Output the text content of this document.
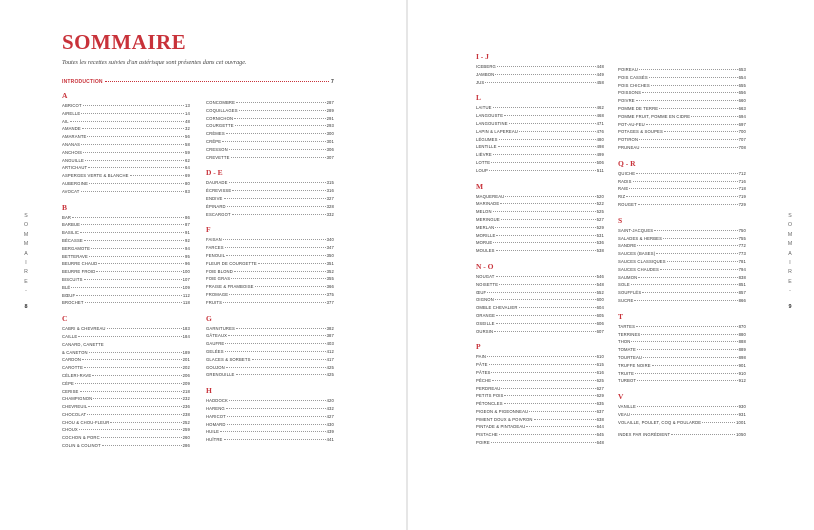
SOMMAIRE
Toutes les recettes suivies d'un astérisque sont présentes dans cet ouvrage.
INTRODUCTION	7
S
O
M
M
A
I
R
E
-
8
S
O
M
M
A
I
R
E
-
9
A
ABRICOT	13
AIRELLE	14
AIL	48
AMANDE	32
AMARANTE	56
ANANAS	58
ANCHOIS	59
ANGUILLE	62
ARTICHAUT	64
ASPERGES VERTE & BLANCHE	69
AUBERGINE	80
AVOCAT	83
B
BAR	86
BARBUE	87
BASILIC	91
BÉCASSE	92
BERGAMOTE	94
BETTERAVE	95
BEURRE CHAUD	96
BEURRE FROID	100
BISCUITS	107
BLÉ	109
BŒUF	112
BROCHET	118
C
CABRI & CHEVREAU	183
CAILLE	184
CANARD, CANETTE
& CANETON	189
CARDON	201
CAROTTE	202
CÉLERI-RAVE	206
CÈPE	209
CERISE	218
CHAMPIGNON	232
CHEVREUIL	236
CHOCOLAT	238
CHOU & CHOU-FLEUR	252
CHOUX	259
COCHON & PORC	260
COLIN & COLINOT	286
CONCOMBRE	287
COQUILLAGES	289
CORNICHON	291
COURGETTE	293
CRÈMES	300
CRÊPE	301
CRESSON	306
CREVETTE	307
D - E
DAURADE	315
ÉCREVISSE	316
ENDIVE	327
ÉPINARD	328
ESCARGOT	332
F
FAISAN	340
FARCES	347
FENOUIL	350
FLEUR DE COURGETTE	351
FOIE BLOND	352
FOIE GRAS	355
FRAISE & FRAMBOISE	366
FROMAGE	375
FRUITS	377
G
GARNITURES	382
GÂTEAUX	387
GAUFRE	403
GELÉES	412
GLACES & SORBETS	417
GOUJON	425
GRENOUILLE	425
H
HADDOCK	420
HARENG	432
HARICOT	427
HOMARD	430
HUILE	439
HUÎTRE	441
I - J
ICEBERG	448
JAMBON	449
JUS	458
L
LAITUE	462
LANGOUSTE	468
LANGOUSTINE	471
LAPIN & LAPEREAU	476
LÉGUMES	480
LENTILLE	498
LIÈVRE	499
LOTTE	506
LOUP	511
M
MAQUEREAU	520
MARINADE	522
MELON	525
MERINGUE	527
MERLAN	529
MORILLE	531
MORUE	536
MOULES	538
N - O
NOUGAT	546
NOISETTE	548
ŒUF	552
OIGNON	600
OMBLE CHEVALIER	604
ORANGE	605
OSEILLE	606
OURSIN	607
P
PAIN	610
PÂTE	615
PÂTES	616
PÊCHE	625
PERDREAU	627
PETITS POIS	629
PÉTONCLES	635
PIGEON & PIGEONNEAU	637
PIMENT DOUX & POIVRON	638
PINTADE & PINTADEAU	644
PISTACHE	645
POIRE	648
POIREAU	653
POIS CASSÉS	654
POIS CHICHES	655
POISSONS	656
POIVRE	660
POMME DE TERRE	663
POMME FRUIT, POMME EN CIDRE	694
POT-AU-FEU	697
POTAGES & SOUPES	700
POTIRON	707
PRUNEAU	708
Q - R
QUICHE	712
RADIS	716
RAIE	718
RIZ	719
ROUGET	729
S
SAINT-JACQUES	750
SALADES & HERBES	755
SANDRE	772
SAUCES (BASES)	773
SAUCES CLASSIQUES	781
SAUCES CHAUDES	794
SAUMON	838
SOLE	851
SOUFFLÉS	857
SUCRE	866
T
TARTES	870
TERRINES	880
THON	888
TOMATE	889
TOURTEAU	898
TRUFFE NOIRE	901
TRUITE	910
TURBOT	912
V
VANILLE	930
VEAU	931
VOLAILLE, POULET, COQ & POULARDE	1001
INDEX PAR INGRÉDIENT	1050
